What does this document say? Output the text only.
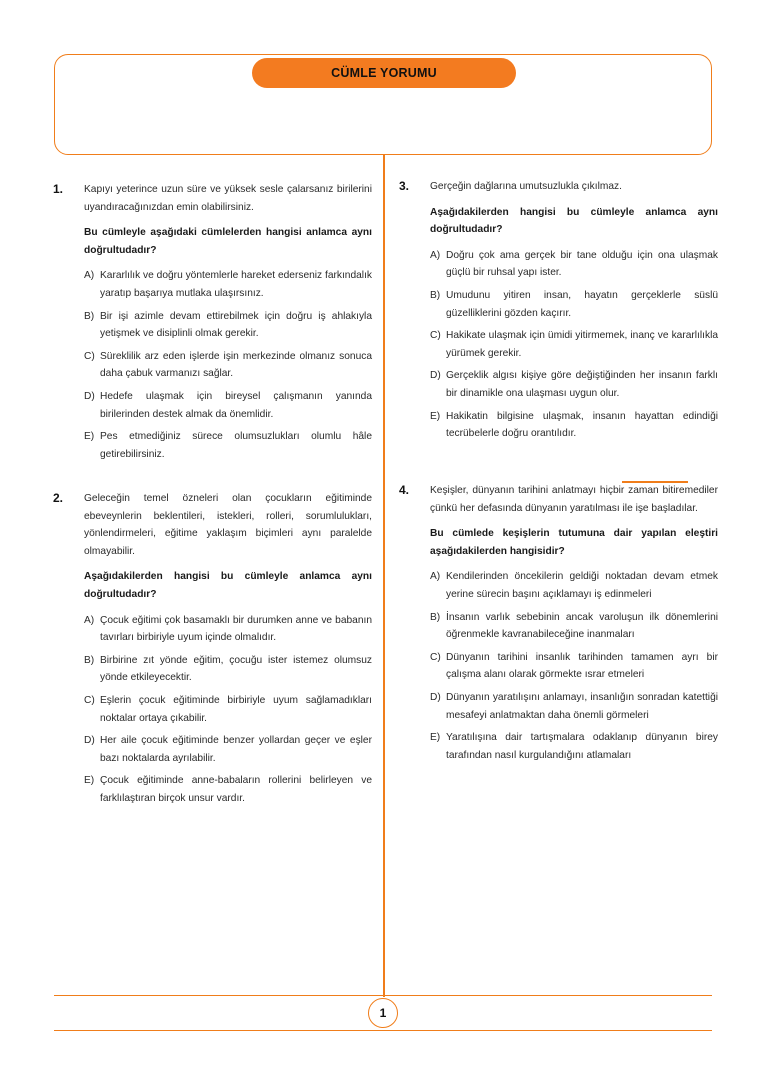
CÜMLE YORUMU
1
1. Kapıyı yeterince uzun süre ve yüksek sesle çalarsanız birilerini uyandıracağınızdan emin olabilirsiniz.

Bu cümleyle aşağıdaki cümlelerden hangisi anlamca aynı doğrultudadır?

A) Kararlılık ve doğru yöntemlerle hareket ederseniz farkındalık yaratıp başarıya mutlaka ulaşırsınız.
B) Bir işi azimle devam ettirebilmek için doğru iş ahlakıyla yetişmek ve disiplinli olmak gerekir.
C) Süreklilik arz eden işlerde işin merkezinde olmanız sonuca daha çabuk varmanızı sağlar.
D) Hedefe ulaşmak için bireysel çalışmanın yanında birilerinden destek almak da önemlidir.
E) Pes etmediğiniz sürece olumsuzlukları olumlu hâle getirebilirsiniz.
2. Geleceğin temel özneleri olan çocukların eğitiminde ebeveynlerin beklentileri, istekleri, rolleri, sorumlulukları, yönlendirmeleri, eğitime yaklaşım biçimleri aynı paralelde olmayabilir.

Aşağıdakilerden hangisi bu cümleyle anlamca aynı doğrultudadır?

A) Çocuk eğitimi çok basamaklı bir durumken anne ve babanın tavırları birbiriyle uyum içinde olmalıdır.
B) Birbirine zıt yönde eğitim, çocuğu ister istemez olumsuz yönde etkileyecektir.
C) Eşlerin çocuk eğitiminde birbiriyle uyum sağlamadıkları noktalar ortaya çıkabilir.
D) Her aile çocuk eğitiminde benzer yollardan geçer ve eşler bazı noktalarda ayrılabilir.
E) Çocuk eğitiminde anne-babaların rollerini belirleyen ve farklılaştıran birçok unsur vardır.
3. Gerçeğin dağlarına umutsuzlukla çıkılmaz.

Aşağıdakilerden hangisi bu cümleyle anlamca aynı doğrultudadır?

A) Doğru çok ama gerçek bir tane olduğu için ona ulaşmak güçlü bir ruhsal yapı ister.
B) Umudunu yitiren insan, hayatın gerçeklerle süslü güzelliklerini gözden kaçırır.
C) Hakikate ulaşmak için ümidi yitirmemek, inanç ve kararlılıkla yürümek gerekir.
D) Gerçeklik algısı kişiye göre değiştiğinden her insanın farklı bir dinamikle ona ulaşması uygun olur.
E) Hakikatin bilgisine ulaşmak, insanın hayattan edindiği tecrübelerle doğru orantılıdır.
4. Keşişler, dünyanın tarihini anlatmayı hiçbir zaman bitiremediler çünkü her defasında dünyanın yaratılması ile işe başladılar.

Bu cümlede keşişlerin tutumuna dair yapılan eleştiri aşağıdakilerden hangisidir?

A) Kendilerinden öncekilerin geldiği noktadan devam etmek yerine sürecin başını açıklamayı iş edinmeleri
B) İnsanın varlık sebebinin ancak varoluşun ilk dönemlerini öğrenmekle kavranabileceğine inanmaları
C) Dünyanın tarihini insanlık tarihinden tamamen ayrı bir çalışma alanı olarak görmekte ısrar etmeleri
D) Dünyanın yaratılışını anlamayı, insanlığın sonradan katettiği mesafeyi anlatmaktan daha önemli görmeleri
E) Yaratılışına dair tartışmalara odaklanıp dünyanın birey tarafından nasıl kurgulandığını atlamaları
